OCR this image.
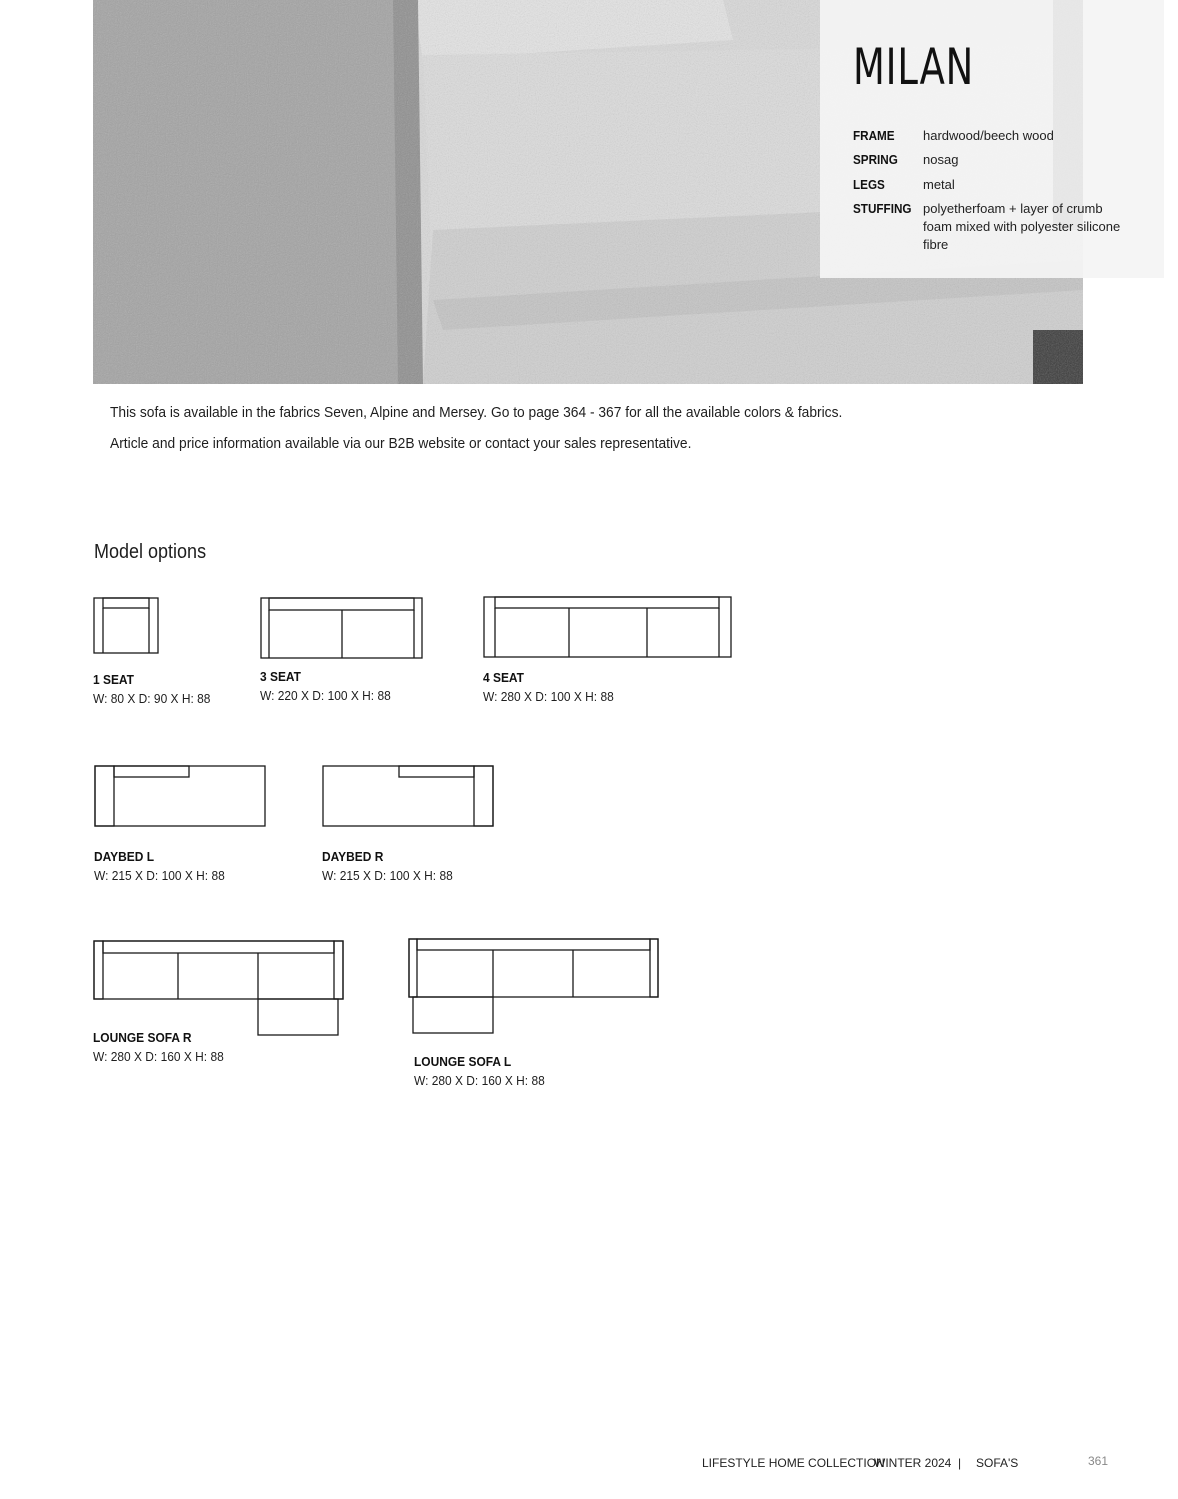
MILAN
FRAME hardwood/beech wood
SPRING nosag
LEGS	metal
STUFFING polyetherfoam + layer of crumb foam mixed with polyester silicone fibre
This sofa is available in the fabrics Seven, Alpine and Mersey. Go to page 364 - 367 for all the available colors & fabrics.
Article and price information available via our B2B website or contact your sales representative.
Model options
1 SEAT
W: 80 X D: 90 X H: 88
3 SEAT
W: 220 X D: 100 X H: 88
4 SEAT
W: 280 X D: 100 X H: 88
DAYBED L
W: 215 X D: 100 X H: 88
DAYBED R
W: 215 X D: 100 X H: 88
LOUNGE SOFA R
W: 280 X D: 160 X H: 88	LOUNGE SOFA L
W: 280 X D: 160 X H: 88
LIFESTYLE HOME COLLECTION
WINTER 2024 | SOFA'S	361
